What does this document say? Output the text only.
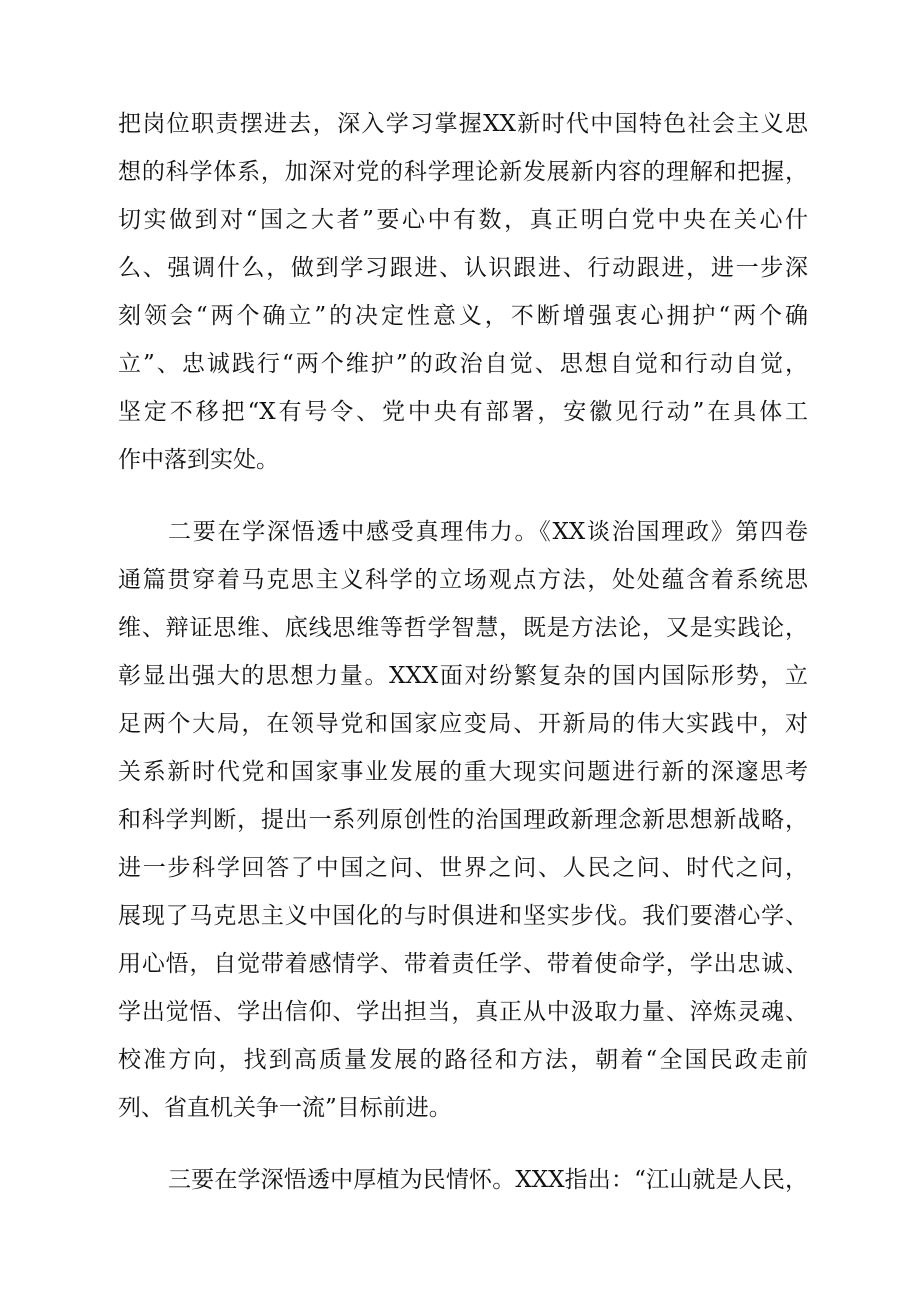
把岗位职责摆进去，深入学习掌握XX新时代中国特色社会主义思
想的科学体系，加深对党的科学理论新发展新内容的理解和把握，
切实做到对“国之大者”要心中有数，真正明白党中央在关心什
么、强调什么，做到学习跟进、认识跟进、行动跟进，进一步深
刻领会“两个确立”的决定性意义，不断增强衷心拥护“两个确
立”、忠诚践行“两个维护”的政治自觉、思想自觉和行动自觉，
坚定不移把“X有号令、党中央有部署，安徽见行动”在具体工
作中落到实处。
二要在学深悟透中感受真理伟力。《XX谈治国理政》第四卷
通篇贯穿着马克思主义科学的立场观点方法，处处蕴含着系统思
维、辩证思维、底线思维等哲学智慧，既是方法论，又是实践论，
彰显出强大的思想力量。XXX面对纷繁复杂的国内国际形势，立
足两个大局，在领导党和国家应变局、开新局的伟大实践中，对
关系新时代党和国家事业发展的重大现实问题进行新的深邃思考
和科学判断，提出一系列原创性的治国理政新理念新思想新战略，
进一步科学回答了中国之问、世界之问、人民之问、时代之问，
展现了马克思主义中国化的与时俱进和坚实步伐。我们要潜心学、
用心悟，自觉带着感情学、带着责任学、带着使命学，学出忠诚、
学出觉悟、学出信仰、学出担当，真正从中汲取力量、淬炼灵魂、
校准方向，找到高质量发展的路径和方法，朝着“全国民政走前
列、省直机关争一流”目标前进。
三要在学深悟透中厚植为民情怀。XXX指出：“江山就是人民，
